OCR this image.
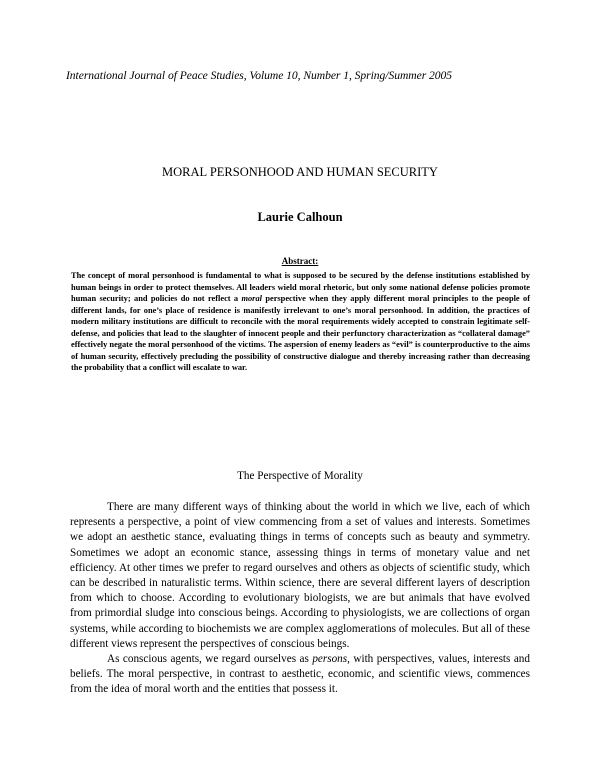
International Journal of Peace Studies, Volume 10, Number 1, Spring/Summer 2005
MORAL PERSONHOOD AND HUMAN SECURITY
Laurie Calhoun
Abstract:
The concept of moral personhood is fundamental to what is supposed to be secured by the defense institutions established by human beings in order to protect themselves. All leaders wield moral rhetoric, but only some national defense policies promote human security; and policies do not reflect a moral perspective when they apply different moral principles to the people of different lands, for one’s place of residence is manifestly irrelevant to one’s moral personhood. In addition, the practices of modern military institutions are difficult to reconcile with the moral requirements widely accepted to constrain legitimate self-defense, and policies that lead to the slaughter of innocent people and their perfunctory characterization as “collateral damage” effectively negate the moral personhood of the victims. The aspersion of enemy leaders as “evil” is counterproductive to the aims of human security, effectively precluding the possibility of constructive dialogue and thereby increasing rather than decreasing the probability that a conflict will escalate to war.
The Perspective of Morality

There are many different ways of thinking about the world in which we live, each of which represents a perspective, a point of view commencing from a set of values and interests. Sometimes we adopt an aesthetic stance, evaluating things in terms of concepts such as beauty and symmetry. Sometimes we adopt an economic stance, assessing things in terms of monetary value and net efficiency. At other times we prefer to regard ourselves and others as objects of scientific study, which can be described in naturalistic terms. Within science, there are several different layers of description from which to choose. According to evolutionary biologists, we are but animals that have evolved from primordial sludge into conscious beings. According to physiologists, we are collections of organ systems, while according to biochemists we are complex agglomerations of molecules. But all of these different views represent the perspectives of conscious beings.

As conscious agents, we regard ourselves as persons, with perspectives, values, interests and beliefs. The moral perspective, in contrast to aesthetic, economic, and scientific views, commences from the idea of moral worth and the entities that possess it.
